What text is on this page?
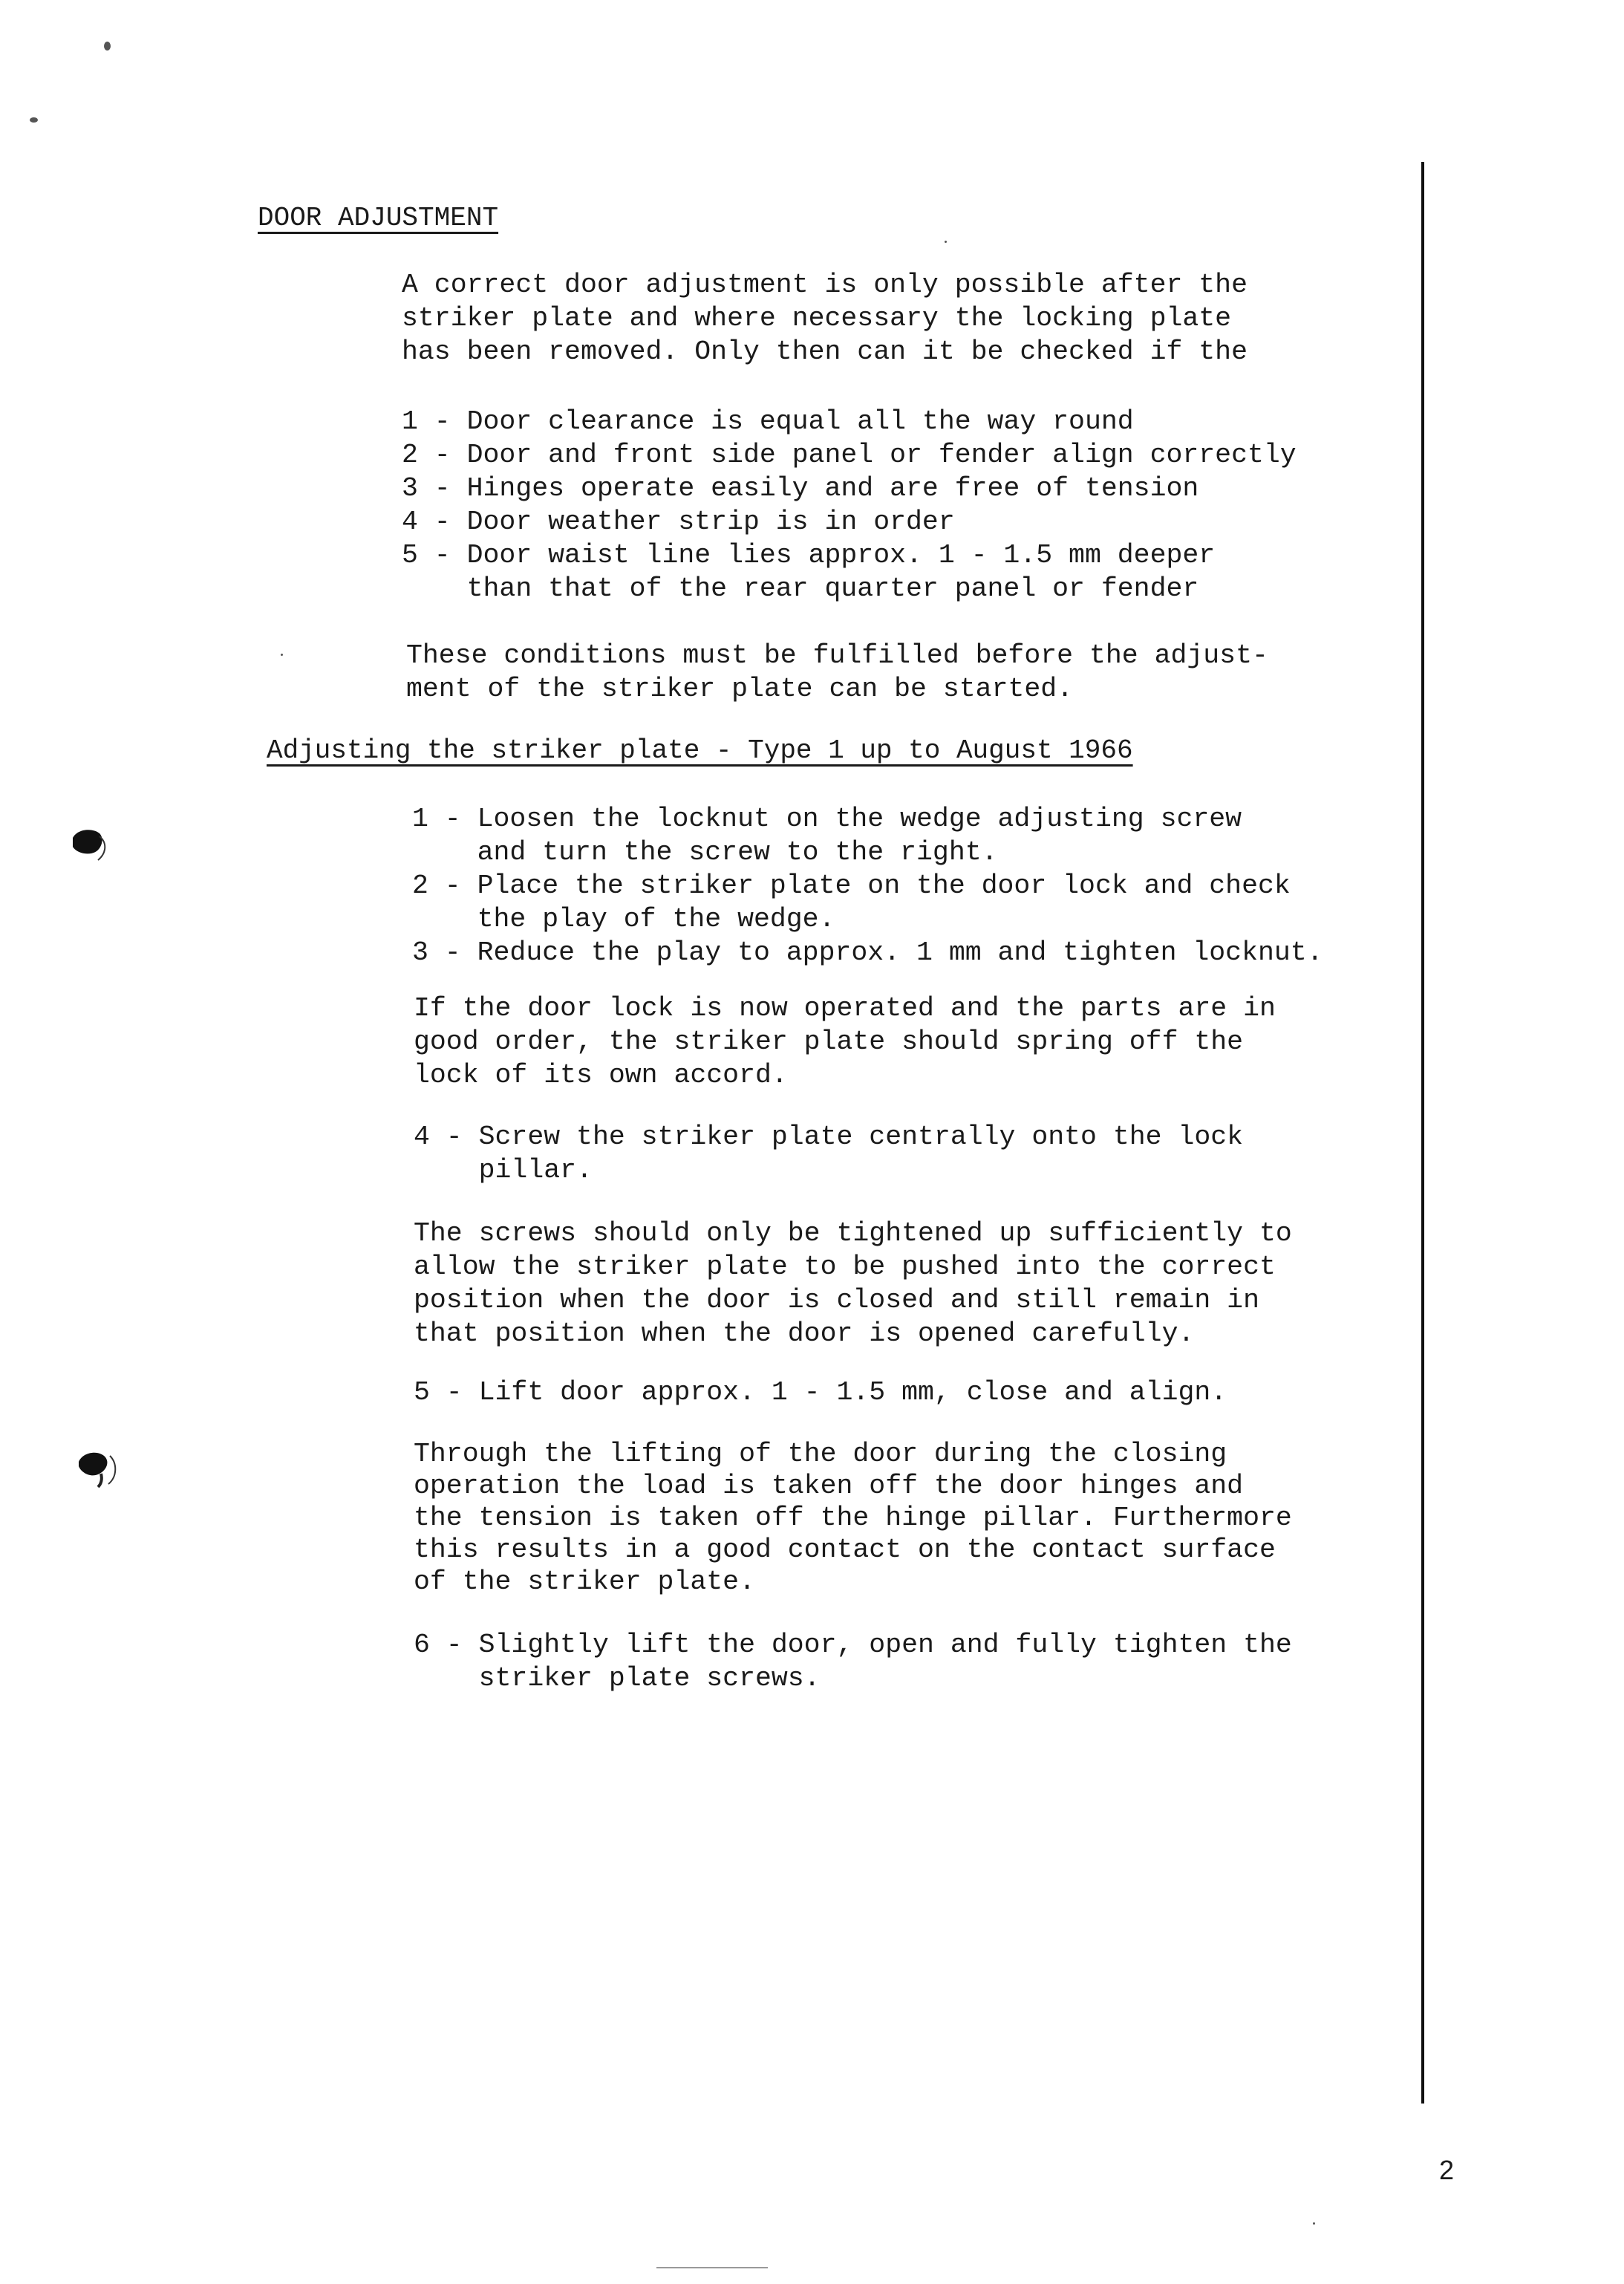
DOOR ADJUSTMENT
A correct door adjustment is only possible after the
striker plate and where necessary the locking plate
has been removed. Only then can it be checked if the
1 - Door clearance is equal all the way round
2 - Door and front side panel or fender align correctly
3 - Hinges operate easily and are free of tension
4 - Door weather strip is in order
5 - Door waist line lies approx. 1 - 1.5 mm deeper
than that of the rear quarter panel or fender
These conditions must be fulfilled before the adjust-
ment of the striker plate can be started.
Adjusting the striker plate - Type 1 up to August 1966
1 - Loosen the locknut on the wedge adjusting screw
and turn the screw to the right.
2 - Place the striker plate on the door lock and check
the play of the wedge.
3 - Reduce the play to approx. 1 mm and tighten locknut.
If the door lock is now operated and the parts are in
good order, the striker plate should spring off the
lock of its own accord.
4 - Screw the striker plate centrally onto the lock
pillar.
The screws should only be tightened up sufficiently to
allow the striker plate to be pushed into the correct
position when the door is closed and still remain in
that position when the door is opened carefully.
5 - Lift door approx. 1 - 1.5 mm, close and align.
Through the lifting of the door during the closing
operation the load is taken off the door hinges and
the tension is taken off the hinge pillar. Furthermore
this results in a good contact on the contact surface
of the striker plate.
6 - Slightly lift the door, open and fully tighten the
striker plate screws.
2
